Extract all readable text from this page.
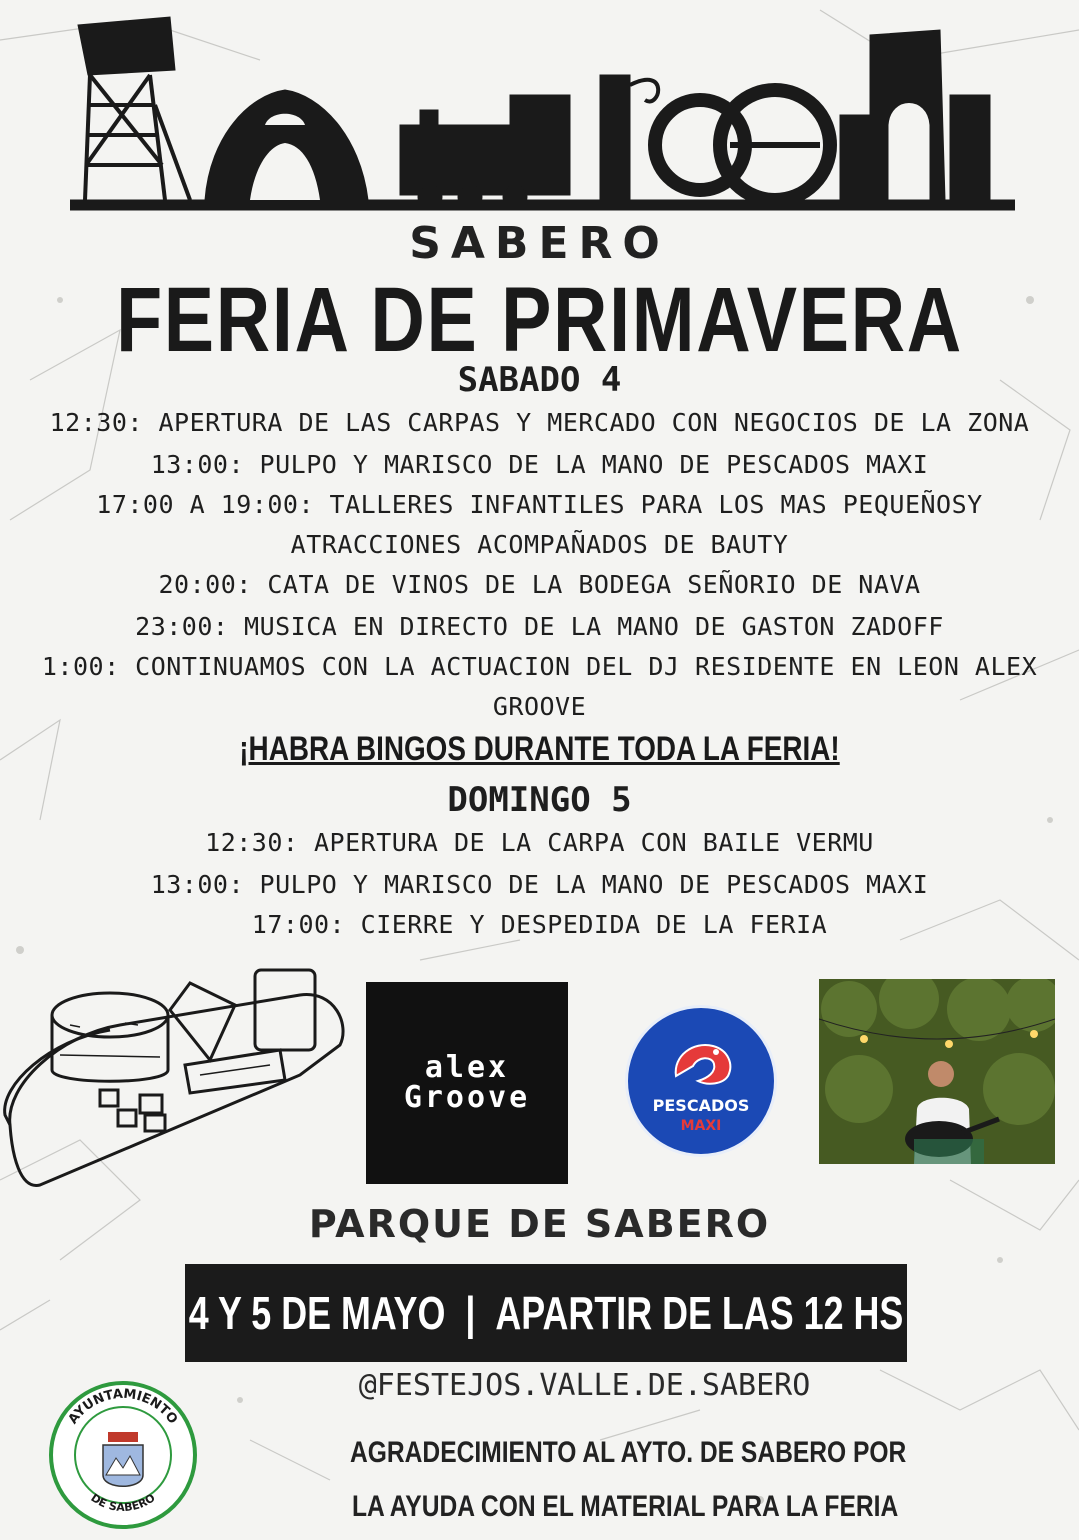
SABERO
FERIA DE PRIMAVERA
SABADO 4
12:30: APERTURA DE LAS CARPAS Y MERCADO CON NEGOCIOS DE LA ZONA
13:00: PULPO Y MARISCO DE LA MANO DE PESCADOS MAXI
17:00 A 19:00: TALLERES INFANTILES PARA LOS MAS PEQUEÑOSY
ATRACCIONES ACOMPAÑADOS DE BAUTY
20:00: CATA DE VINOS DE LA BODEGA SEÑORIO DE NAVA
23:00: MUSICA EN DIRECTO DE LA MANO DE GASTON ZADOFF
1:00: CONTINUAMOS CON LA ACTUACION DEL DJ RESIDENTE EN LEON ALEX
GROOVE
¡HABRA BINGOS DURANTE TODA LA FERIA!
DOMINGO 5
12:30: APERTURA DE LA CARPA CON BAILE VERMU
13:00: PULPO Y MARISCO DE LA MANO DE PESCADOS MAXI
17:00: CIERRE Y DESPEDIDA DE LA FERIA
alex
Groove	PESCADOS
MAXI
PARQUE DE SABERO
4 Y 5 DE MAYO  |  APARTIR DE LAS 12 HS
@FESTEJOS.VALLE.DE.SABERO
AYUNTAMIENTO
DE SABERO
AGRADECIMIENTO AL AYTO. DE SABERO POR
LA AYUDA CON EL MATERIAL PARA LA FERIA
